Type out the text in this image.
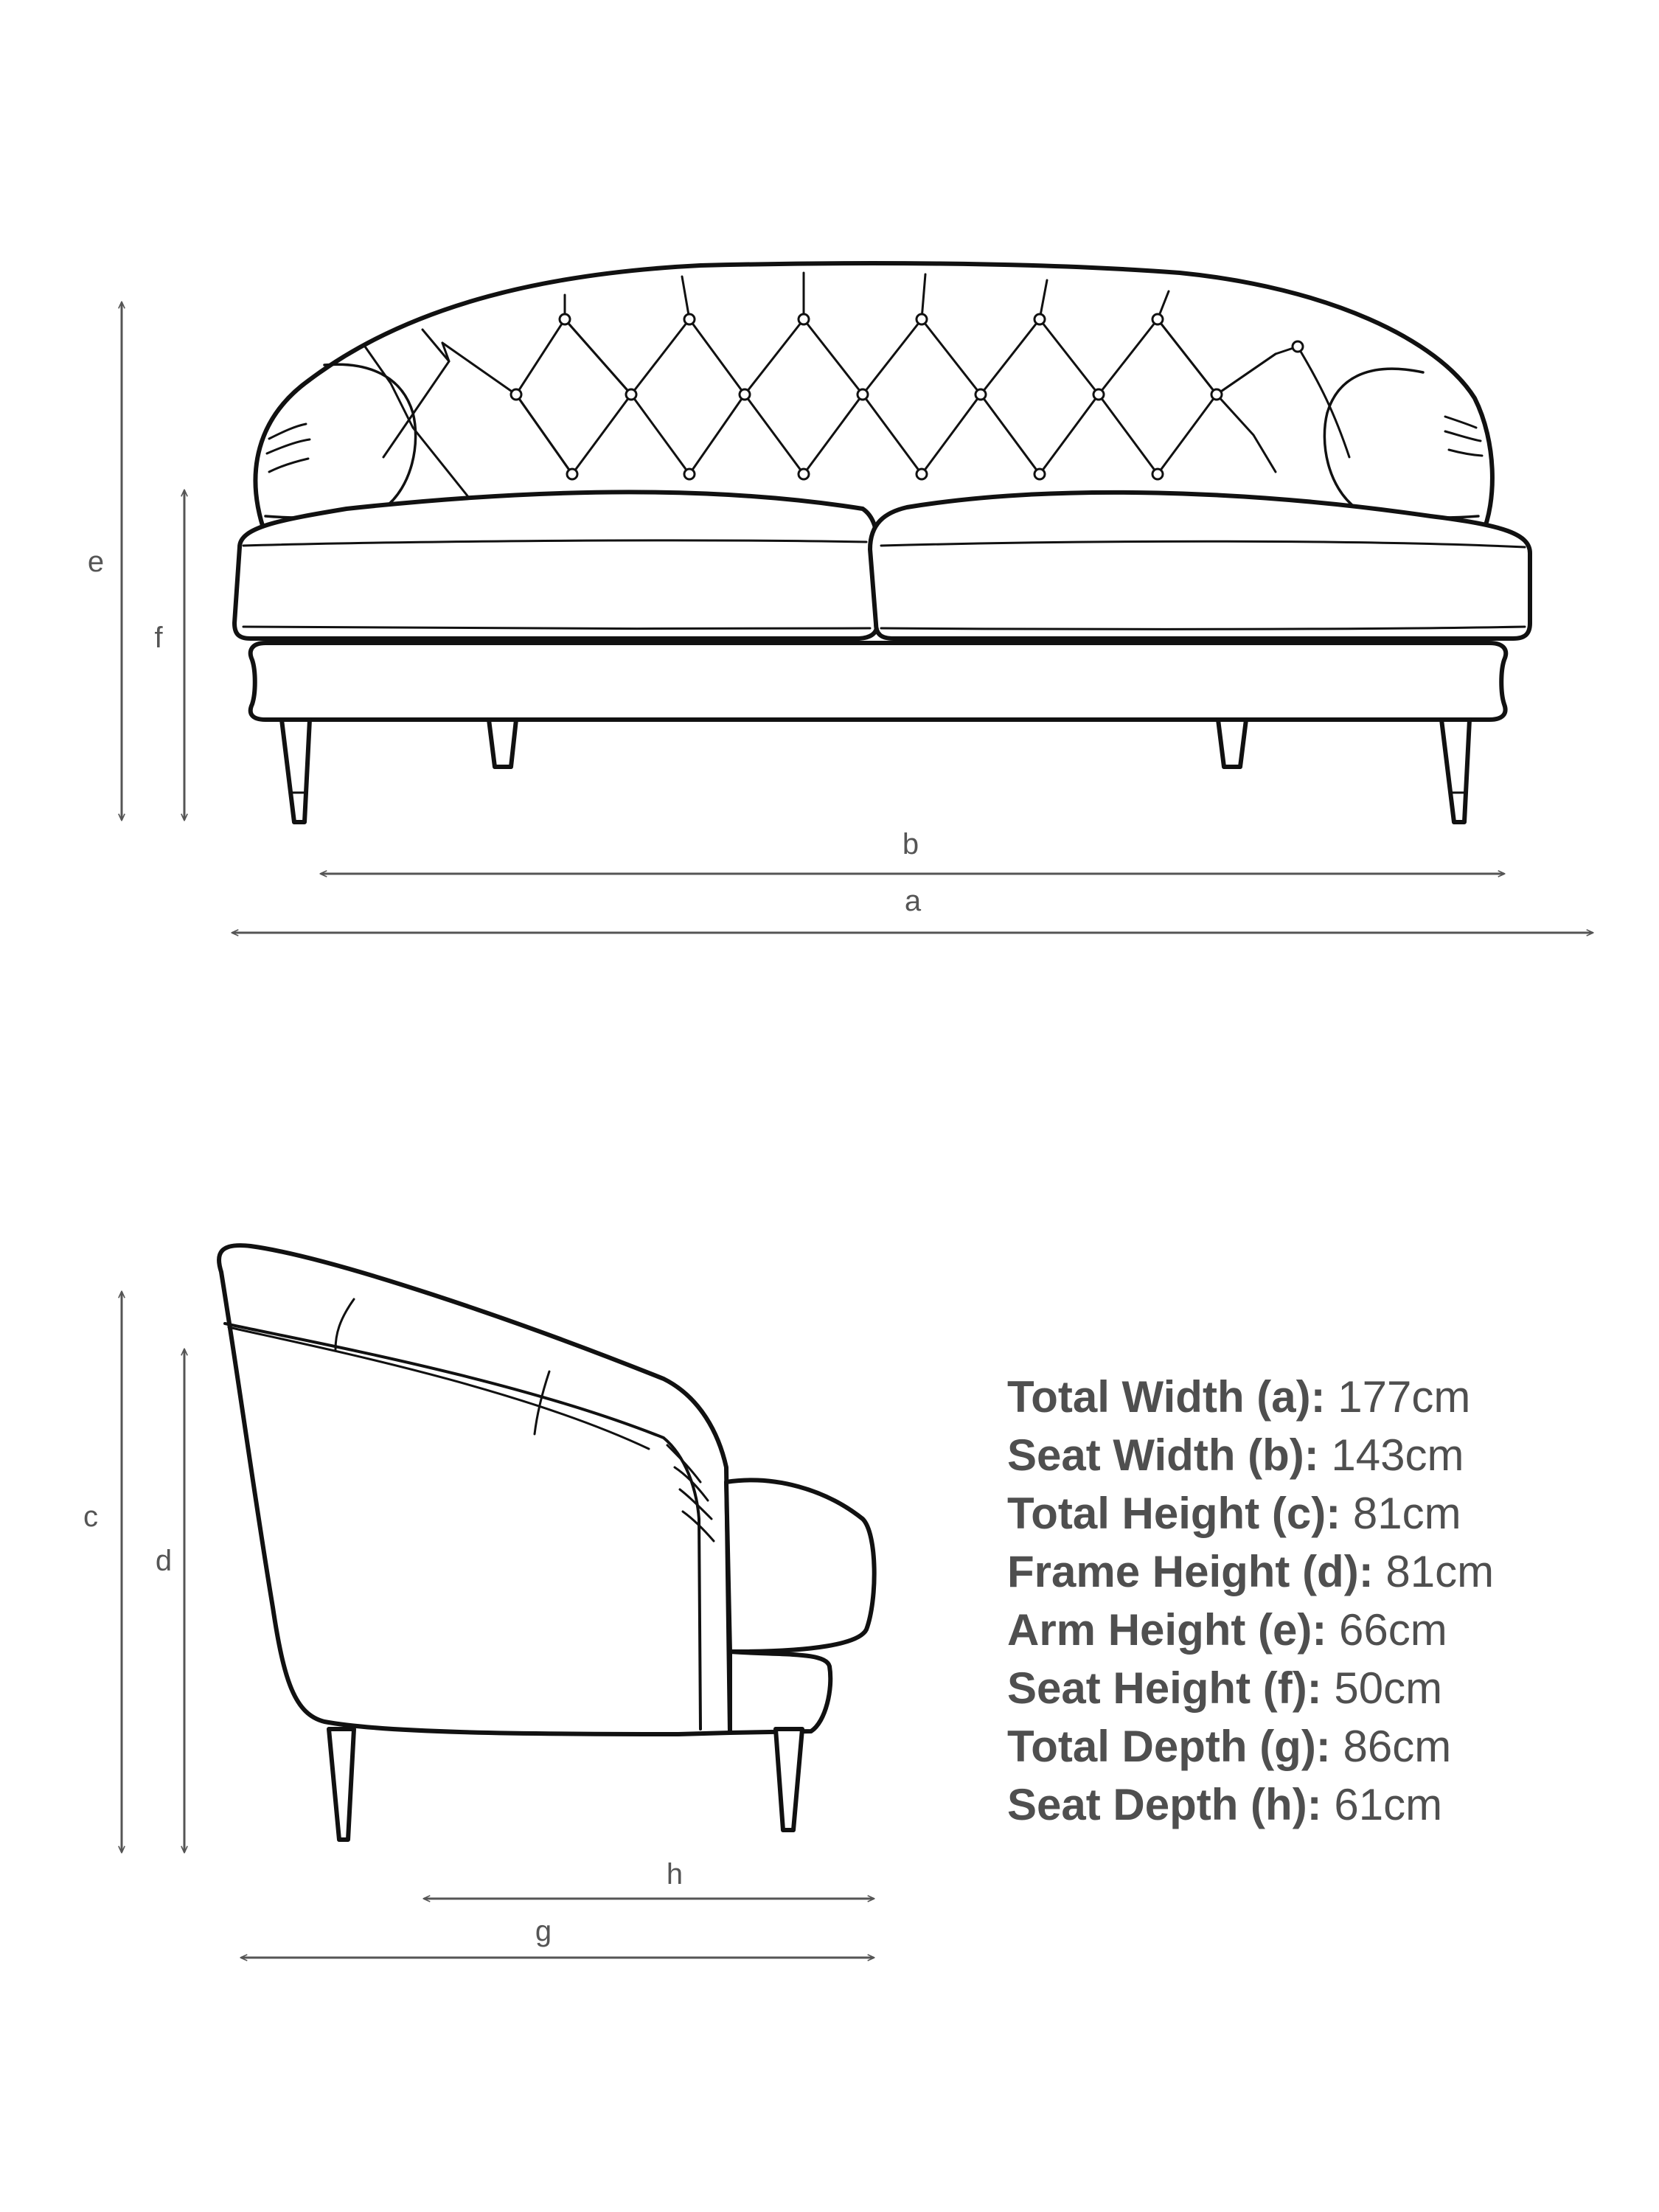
e
f
b
a
c
d
h
g
Total Width (a): 177cm
Seat Width (b): 143cm
Total Height (c): 81cm
Frame Height (d): 81cm
Arm Height (e): 66cm
Seat Height (f): 50cm
Total Depth (g): 86cm
Seat Depth (h): 61cm
